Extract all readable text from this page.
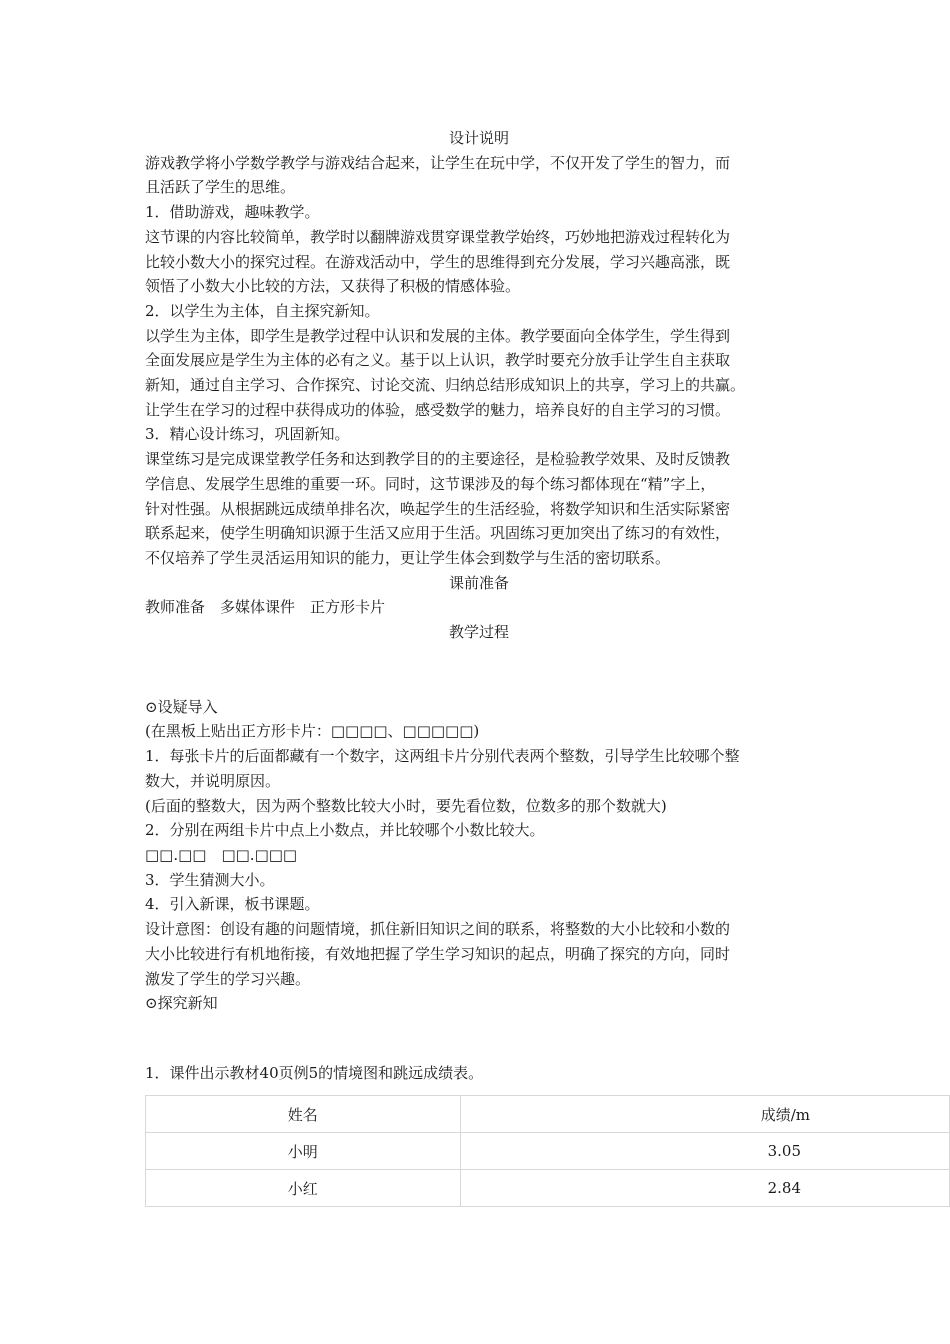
设计说明

游戏教学将小学数学教学与游戏结合起来，让学生在玩中学，不仅开发了学生的智力，而

且活跃了学生的思维。

1．借助游戏，趣味教学。

这节课的内容比较简单，教学时以翻牌游戏贯穿课堂教学始终，巧妙地把游戏过程转化为

比较小数大小的探究过程。在游戏活动中，学生的思维得到充分发展，学习兴趣高涨，既

领悟了小数大小比较的方法，又获得了积极的情感体验。

2．以学生为主体，自主探究新知。

以学生为主体，即学生是教学过程中认识和发展的主体。教学要面向全体学生，学生得到

全面发展应是学生为主体的必有之义。基于以上认识，教学时要充分放手让学生自主获取

新知，通过自主学习、合作探究、讨论交流、归纳总结形成知识上的共享，学习上的共赢。

让学生在学习的过程中获得成功的体验，感受数学的魅力，培养良好的自主学习的习惯。

3．精心设计练习，巩固新知。

课堂练习是完成课堂教学任务和达到教学目的的主要途径，是检验教学效果、及时反馈教

学信息、发展学生思维的重要一环。同时，这节课涉及的每个练习都体现在“精”字上，

针对性强。从根据跳远成绩单排名次，唤起学生的生活经验，将数学知识和生活实际紧密

联系起来，使学生明确知识源于生活又应用于生活。巩固练习更加突出了练习的有效性，

不仅培养了学生灵活运用知识的能力，更让学生体会到数学与生活的密切联系。

课前准备

教师准备　多媒体课件　正方形卡片

教学过程

⊙设疑导入

(在黑板上贴出正方形卡片：□□□□、□□□□□)

1．每张卡片的后面都藏有一个数字，这两组卡片分别代表两个整数，引导学生比较哪个整

数大，并说明原因。

(后面的整数大，因为两个整数比较大小时，要先看位数，位数多的那个数就大)

2．分别在两组卡片中点上小数点，并比较哪个小数比较大。

□□.□□　□□.□□□

3．学生猜测大小。

4．引入新课，板书课题。

设计意图：创设有趣的问题情境，抓住新旧知识之间的联系，将整数的大小比较和小数的

大小比较进行有机地衔接，有效地把握了学生学习知识的起点，明确了探究的方向，同时

激发了学生的学习兴趣。

⊙探究新知

1．课件出示教材40页例5的情境图和跳远成绩表。

姓名	成绩/m
小明	3.05
小红	2.84
